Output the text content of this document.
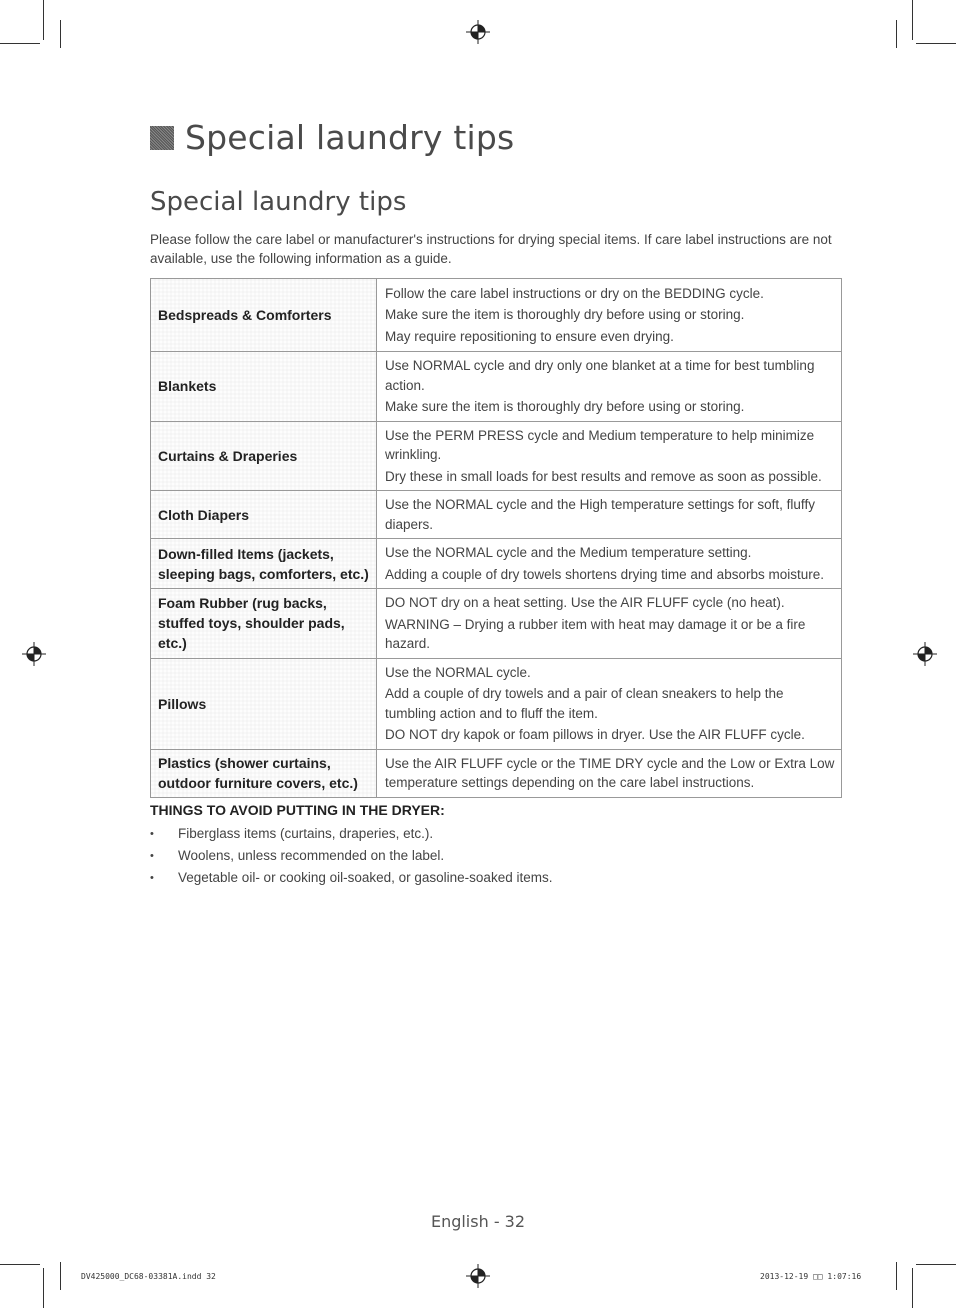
Special laundry tips
Special laundry tips

Please follow the care label or manufacturer's instructions for drying special items. If care label instructions are not available, use the following information as a guide.

Bedspreads & Comforters	Follow the care label instructions or dry on the BEDDING cycle.

Make sure the item is thoroughly dry before using or storing.

May require repositioning to ensure even drying.

Blankets	Use NORMAL cycle and dry only one blanket at a time for best tumbling action.

Make sure the item is thoroughly dry before using or storing.

Curtains & Draperies	Use the PERM PRESS cycle and Medium temperature to help minimize wrinkling.

Dry these in small loads for best results and remove as soon as possible.

Cloth Diapers	Use the NORMAL cycle and the High temperature settings for soft, fluffy diapers.

Down-filled Items (jackets, sleeping bags, comforters, etc.)	Use the NORMAL cycle and the Medium temperature setting.

Adding a couple of dry towels shortens drying time and absorbs moisture.

Foam Rubber (rug backs, stuffed toys, shoulder pads, etc.)	DO NOT dry on a heat setting. Use the AIR FLUFF cycle (no heat).

WARNING – Drying a rubber item with heat may damage it or be a fire hazard.

Pillows	Use the NORMAL cycle.

Add a couple of dry towels and a pair of clean sneakers to help the tumbling action and to fluff the item.

DO NOT dry kapok or foam pillows in dryer. Use the AIR FLUFF cycle.

Plastics (shower curtains, outdoor furniture covers, etc.)	Use the AIR FLUFF cycle or the TIME DRY cycle and the Low or Extra Low temperature settings depending on the care label instructions.

THINGS TO AVOID PUTTING IN THE DRYER:
•	Fiberglass items (curtains, draperies, etc.).
•	Woolens, unless recommended on the label.
•	Vegetable oil- or cooking oil-soaked, or gasoline-soaked items.
English - 32
DV425000_DC68-03381A.indd 32	2013-12-19 □□ 1:07:16
